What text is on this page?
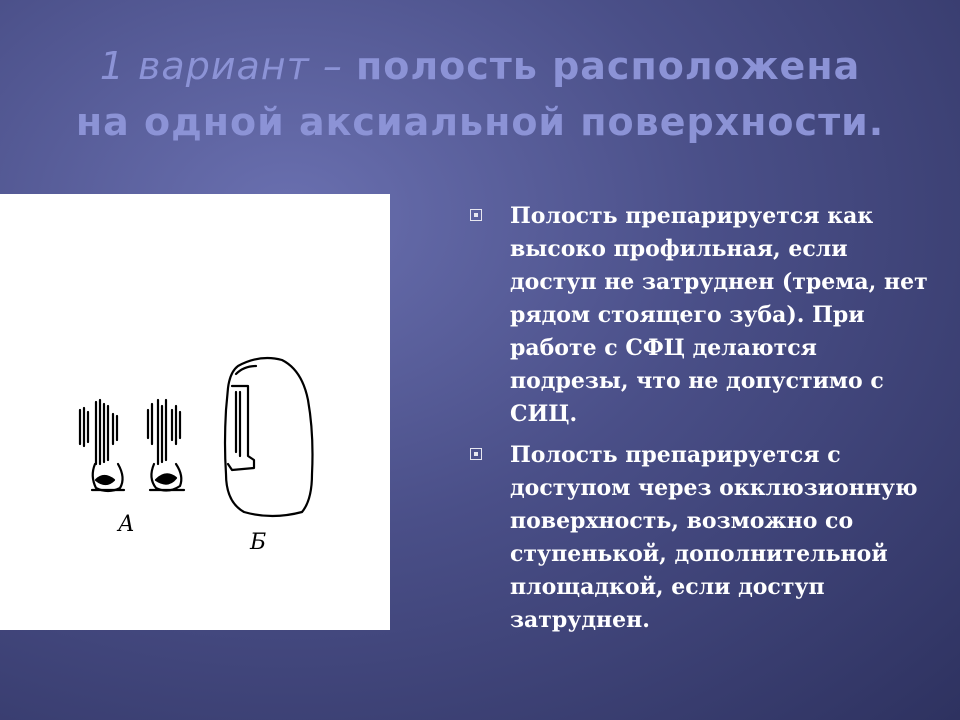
1 вариант – полость расположена
на одной аксиальной поверхности.
А
Б
Полость препарируется как высоко профильная, если доступ не затруднен (трема, нет рядом стоящего зуба). При работе с СФЦ делаются подрезы, что не допустимо с СИЦ.
Полость препарируется с доступом через окклюзионную поверхность, возможно со ступенькой, дополнительной площадкой, если доступ затруднен.
